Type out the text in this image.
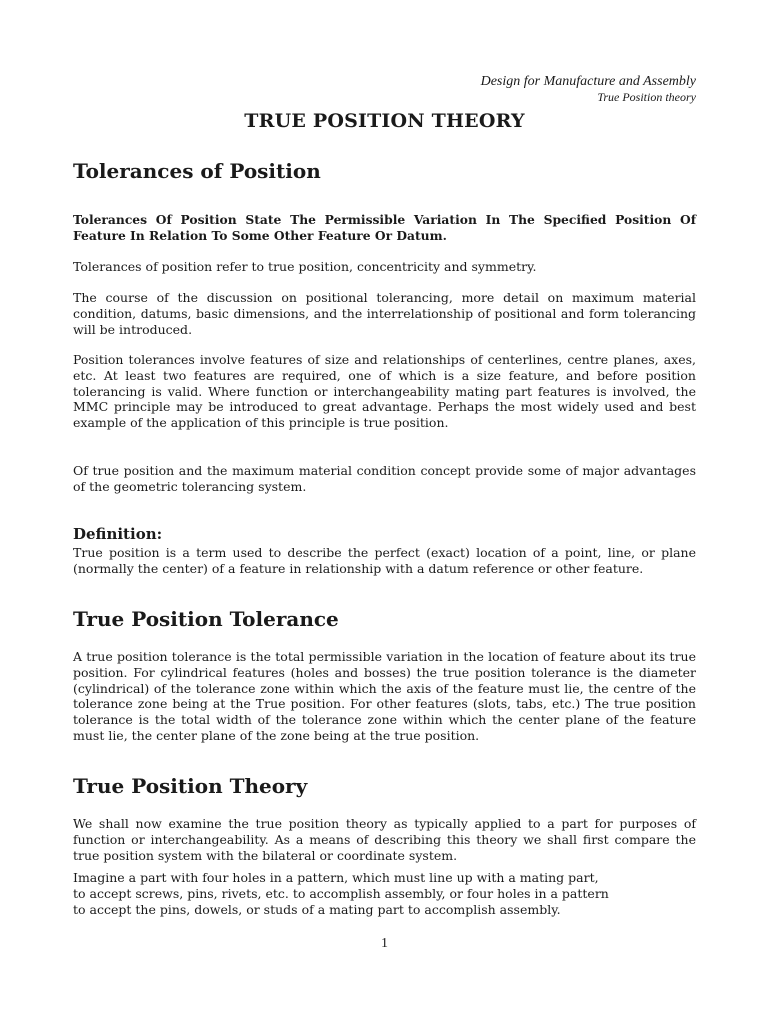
Design for Manufacture and Assembly
True Position theory
TRUE POSITION THEORY
Tolerances of Position

Tolerances Of Position State The Permissible Variation In The Specified Position Of Feature In Relation To Some Other Feature Or Datum.

Tolerances of position refer to true position, concentricity and symmetry.

The course of the discussion on positional tolerancing, more detail on maximum material condition, datums, basic dimensions, and the interrelationship of positional and form tolerancing will be introduced.

Position tolerances involve features of size and relationships of centerlines, centre planes, axes, etc. At least two features are required, one of which is a size feature, and before position tolerancing is valid. Where function or interchangeability mating part features is involved, the MMC principle may be introduced to great advantage. Perhaps the most widely used and best example of the application of this principle is true position.

Of true position and the maximum material condition concept provide some of major advantages of the geometric tolerancing system.

Definition:

True position is a term used to describe the perfect (exact) location of a point, line, or plane (normally the center) of a feature in relationship with a datum reference or other feature.

True Position Tolerance

A true position tolerance is the total permissible variation in the location of feature about its true position. For cylindrical features (holes and bosses) the true position tolerance is the diameter (cylindrical) of the tolerance zone within which the axis of the feature must lie, the centre of the tolerance zone being at the True position. For other features (slots, tabs, etc.) The true position tolerance is the total width of the tolerance zone within which the center plane of the feature must lie, the center plane of the zone being at the true position.

True Position Theory

We shall now examine the true position theory as typically applied to a part for purposes of function or interchangeability. As a means of describing this theory we shall first compare the true position system with the bilateral or coordinate system.

Imagine a part with four holes in a pattern, which must line up with a mating part,
to accept screws, pins, rivets, etc. to accomplish assembly, or four holes in a pattern
to accept the pins, dowels, or studs of a mating part to accomplish assembly.
1
